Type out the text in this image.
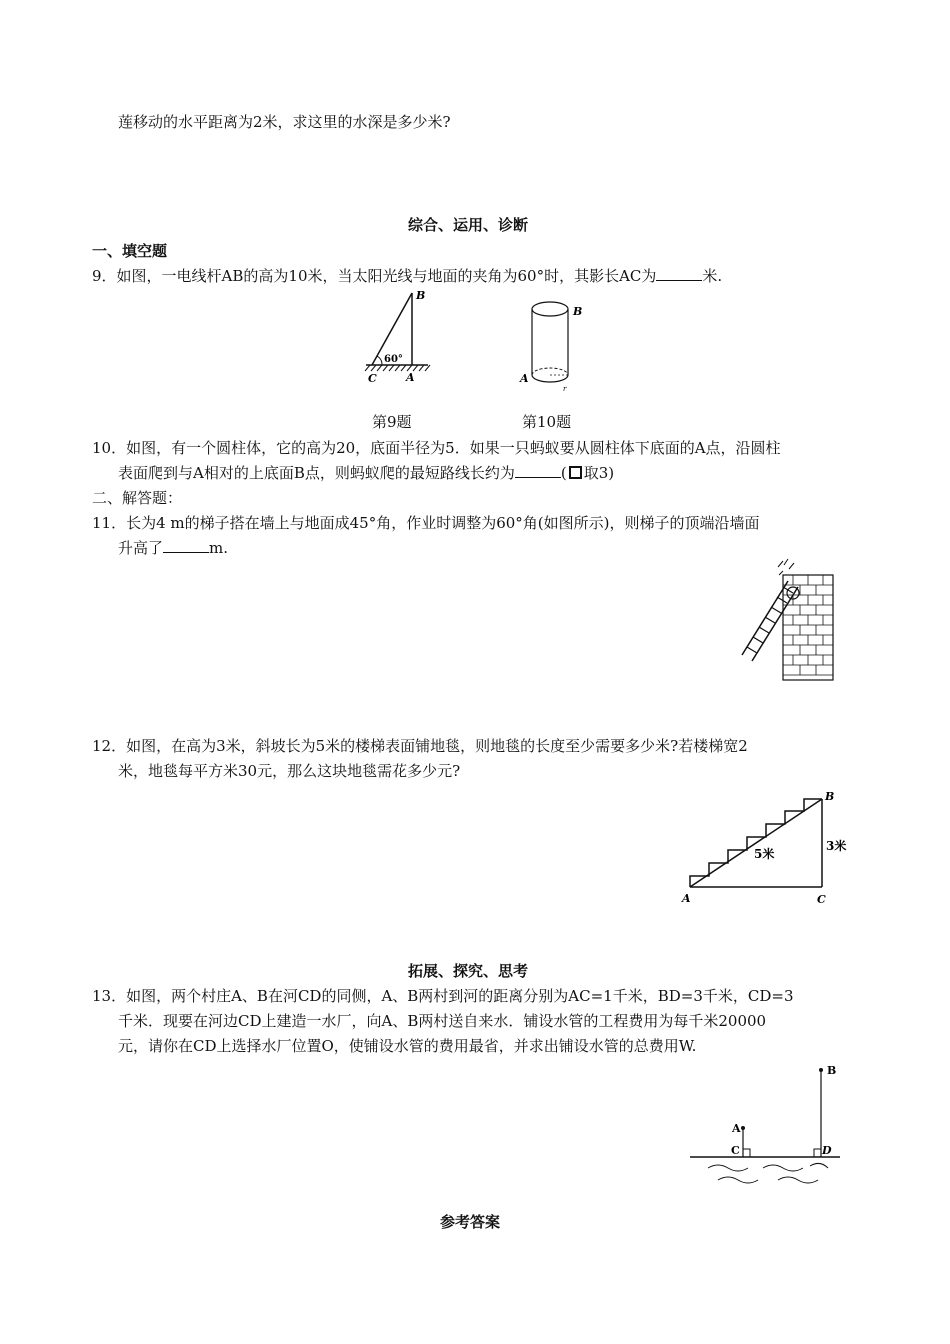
莲移动的水平距离为2米，求这里的水深是多少米?
综合、运用、诊断
一、填空题
9．如图，一电线杆AB的高为10米，当太阳光线与地面的夹角为60°时，其影长AC为	米.
B
C	A
60°
B
A
r
第9题	第10题
10．如图，有一个圆柱体，它的高为20，底面半径为5．如果一只蚂蚁要从圆柱体下底面的A点，沿圆柱
表面爬到与A相对的上底面B点，则蚂蚁爬的最短路线长约为	( 取3)
二、解答题：
11．长为4 m的梯子搭在墙上与地面成45°角，作业时调整为60°角(如图所示)，则梯子的顶端沿墙面
升高了	m.
12．如图，在高为3米，斜坡长为5米的楼梯表面铺地毯，则地毯的长度至少需要多少米?若楼梯宽2
米，地毯每平方米30元，那么这块地毯需花多少元?
B
A	C
5米
3米
拓展、探究、思考
13．如图，两个村庄A、B在河CD的同侧，A、B两村到河的距离分别为AC=1千米，BD=3千米，CD=3
千米．现要在河边CD上建造一水厂，向A、B两村送自来水．铺设水管的工程费用为每千米20000
元，请你在CD上选择水厂位置O，使铺设水管的费用最省，并求出铺设水管的总费用W.
A
B
C	D
参考答案
